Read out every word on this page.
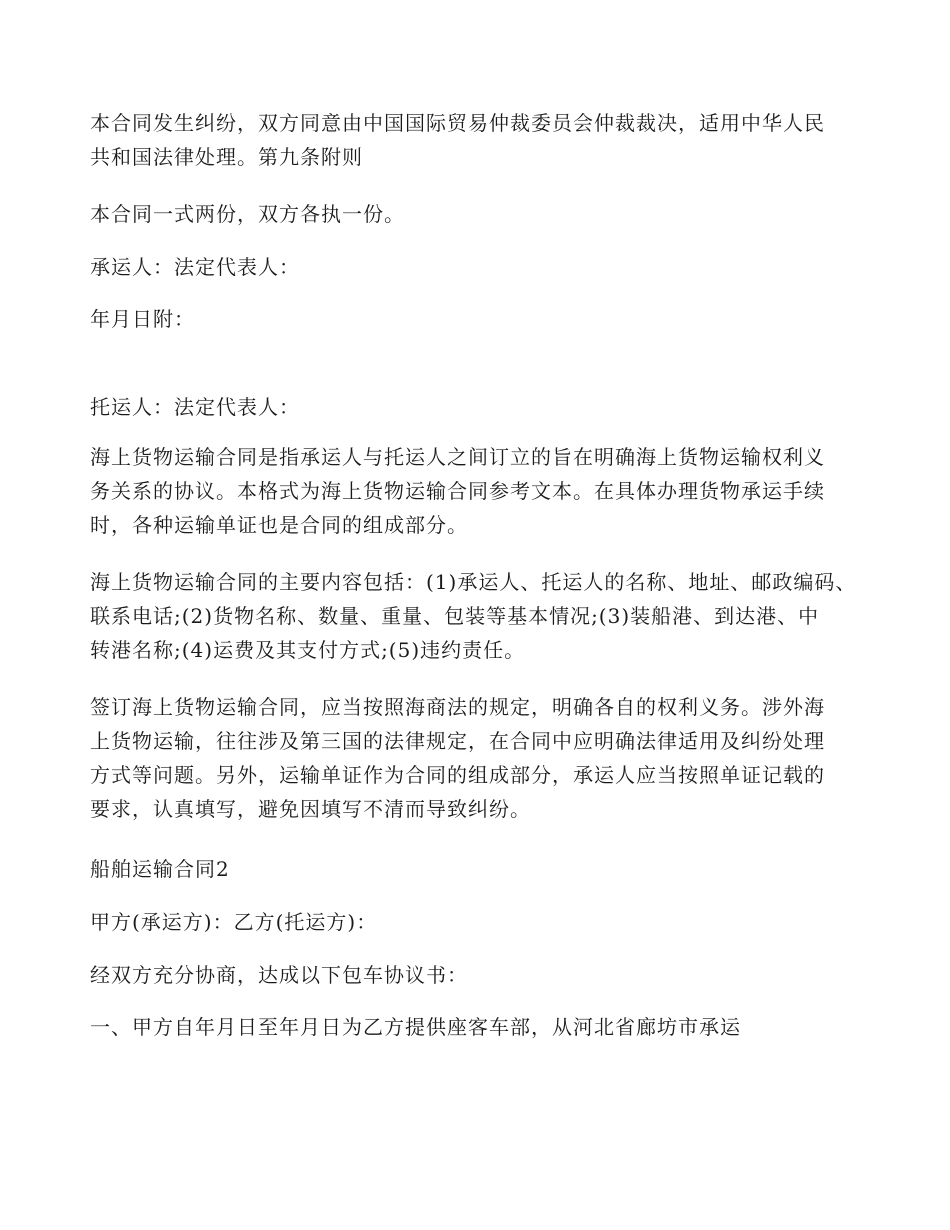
本合同发生纠纷，双方同意由中国国际贸易仲裁委员会仲裁裁决，适用中华人民
共和国法律处理。第九条附则

本合同一式两份，双方各执一份。

承运人：法定代表人：

年月日附：

托运人：法定代表人：

海上货物运输合同是指承运人与托运人之间订立的旨在明确海上货物运输权利义
务关系的协议。本格式为海上货物运输合同参考文本。在具体办理货物承运手续
时，各种运输单证也是合同的组成部分。

海上货物运输合同的主要内容包括：(1)承运人、托运人的名称、地址、邮政编码、
联系电话;(2)货物名称、数量、重量、包装等基本情况;(3)装船港、到达港、中
转港名称;(4)运费及其支付方式;(5)违约责任。

签订海上货物运输合同，应当按照海商法的规定，明确各自的权利义务。涉外海
上货物运输，往往涉及第三国的法律规定，在合同中应明确法律适用及纠纷处理
方式等问题。另外，运输单证作为合同的组成部分，承运人应当按照单证记载的
要求，认真填写，避免因填写不清而导致纠纷。

船舶运输合同2

甲方(承运方)：乙方(托运方)：

经双方充分协商，达成以下包车协议书：

一、甲方自年月日至年月日为乙方提供座客车部，从河北省廊坊市承运
